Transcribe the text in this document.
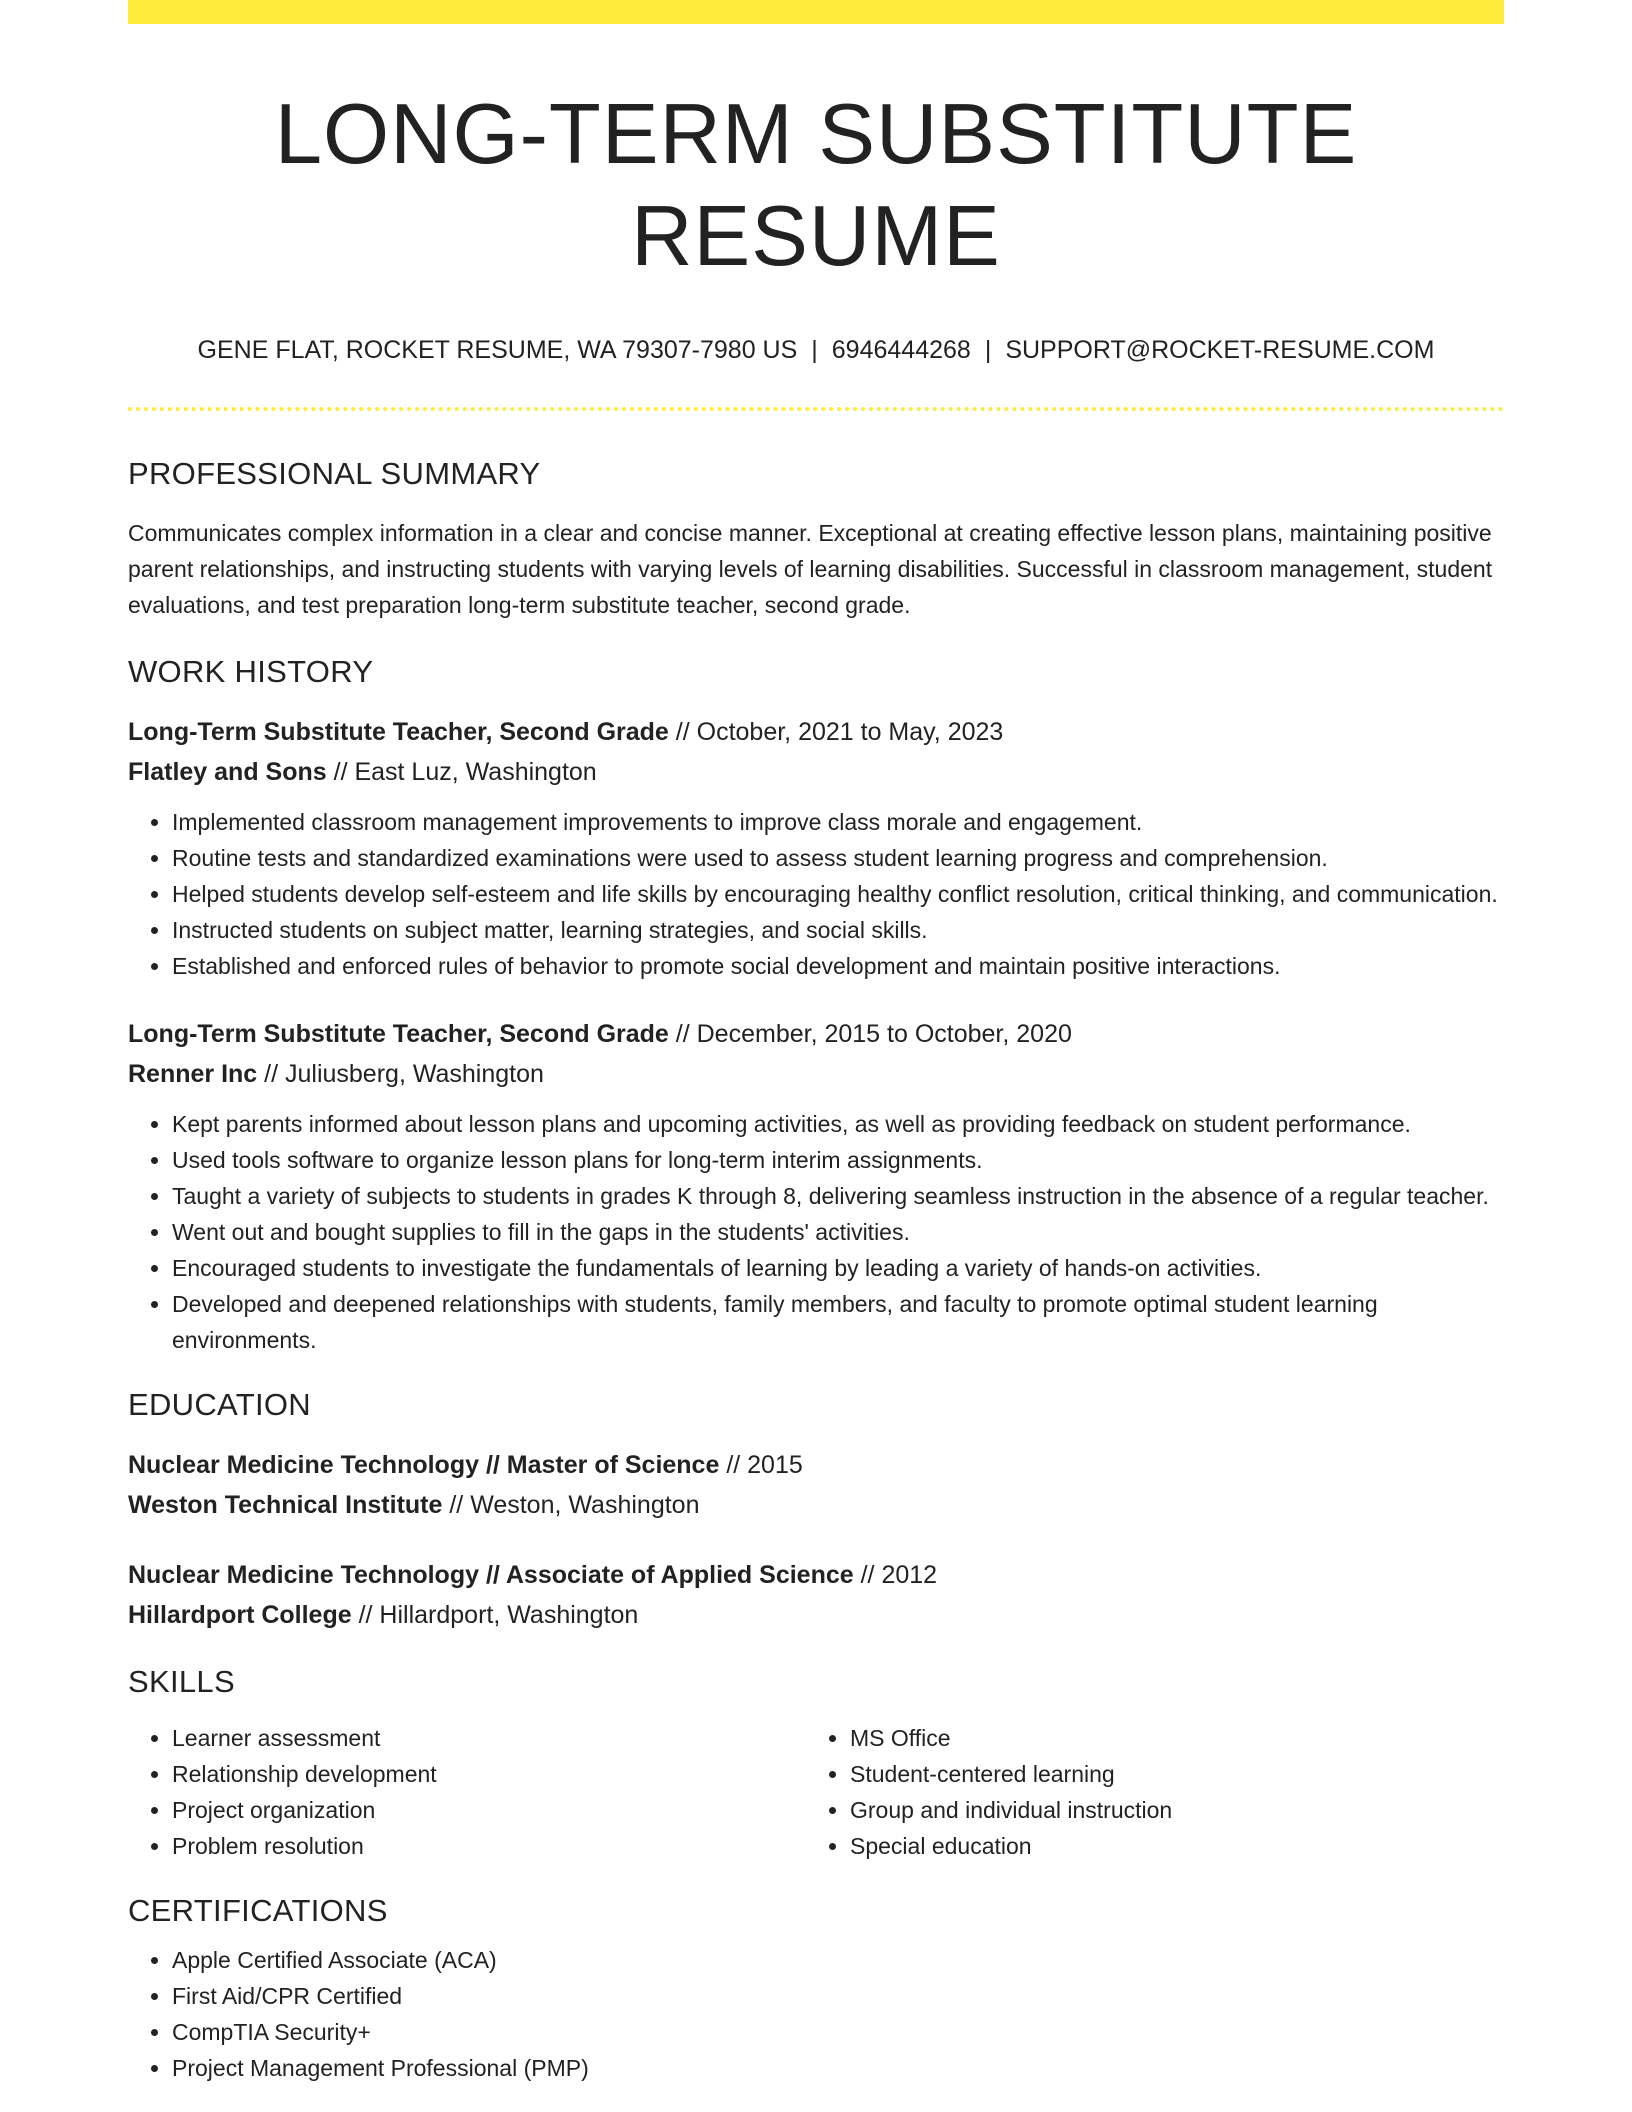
LONG-TERM SUBSTITUTE RESUME
GENE FLAT, ROCKET RESUME, WA 79307-7980 US | 6946444268 | SUPPORT@ROCKET-RESUME.COM
PROFESSIONAL SUMMARY
Communicates complex information in a clear and concise manner. Exceptional at creating effective lesson plans, maintaining positive parent relationships, and instructing students with varying levels of learning disabilities. Successful in classroom management, student evaluations, and test preparation long-term substitute teacher, second grade.
WORK HISTORY
Long-Term Substitute Teacher, Second Grade // October, 2021 to May, 2023
Flatley and Sons // East Luz, Washington
• Implemented classroom management improvements to improve class morale and engagement.
• Routine tests and standardized examinations were used to assess student learning progress and comprehension.
• Helped students develop self-esteem and life skills by encouraging healthy conflict resolution, critical thinking, and communication.
• Instructed students on subject matter, learning strategies, and social skills.
• Established and enforced rules of behavior to promote social development and maintain positive interactions.
Long-Term Substitute Teacher, Second Grade // December, 2015 to October, 2020
Renner Inc // Juliusberg, Washington
• Kept parents informed about lesson plans and upcoming activities, as well as providing feedback on student performance.
• Used tools software to organize lesson plans for long-term interim assignments.
• Taught a variety of subjects to students in grades K through 8, delivering seamless instruction in the absence of a regular teacher.
• Went out and bought supplies to fill in the gaps in the students' activities.
• Encouraged students to investigate the fundamentals of learning by leading a variety of hands-on activities.
• Developed and deepened relationships with students, family members, and faculty to promote optimal student learning environments.
EDUCATION
Nuclear Medicine Technology // Master of Science // 2015
Weston Technical Institute // Weston, Washington
Nuclear Medicine Technology // Associate of Applied Science // 2012
Hillardport College // Hillardport, Washington
SKILLS
• Learner assessment
• Relationship development
• Project organization
• Problem resolution
• MS Office
• Student-centered learning
• Group and individual instruction
• Special education
CERTIFICATIONS
• Apple Certified Associate (ACA)
• First Aid/CPR Certified
• CompTIA Security+
• Project Management Professional (PMP)
